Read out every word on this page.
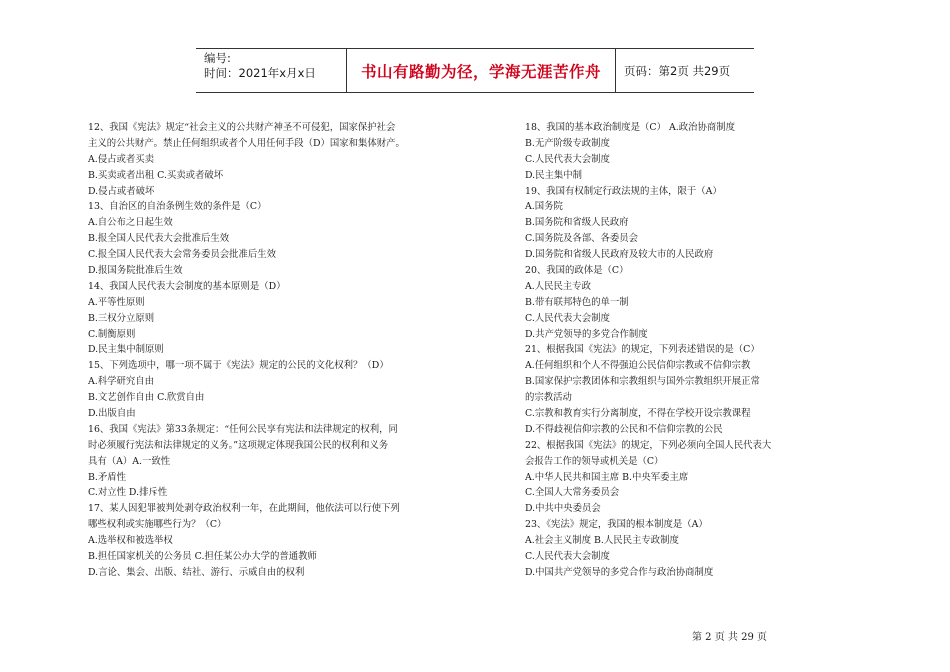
编号:
时间：2021年x月x日	书山有路勤为径，学海无涯苦作舟	页码：第2页 共29页
12、我国《宪法》规定“社会主义的公共财产神圣不可侵犯，国家保护社会
主义的公共财产。禁止任何组织或者个人用任何手段（D）国家和集体财产。
A.侵占或者买卖
B.买卖或者出租 C.买卖或者破坏
D.侵占或者破坏
13、自治区的自治条例生效的条件是（C）
A.自公布之日起生效
B.报全国人民代表大会批准后生效
C.报全国人民代表大会常务委员会批准后生效
D.报国务院批准后生效
14、我国人民代表大会制度的基本原则是（D）
A.平等性原则
B.三权分立原则
C.制衡原则
D.民主集中制原则
15、下列选项中，哪一项不属于《宪法》规定的公民的文化权利？（D）
A.科学研究自由
B.文艺创作自由 C.欣赏自由
D.出版自由
16、我国《宪法》第33条规定：“任何公民享有宪法和法律规定的权利，同
时必须履行宪法和法律规定的义务。”这项规定体现我国公民的权利和义务
具有（A）A.一致性
B.矛盾性
C.对立性 D.排斥性
17、某人因犯罪被判处剥夺政治权利一年，在此期间，他依法可以行使下列
哪些权利或实施哪些行为？（C）
A.选举权和被选举权
B.担任国家机关的公务员 C.担任某公办大学的普通教师
D.言论、集会、出版、结社、游行、示威自由的权利
18、我国的基本政治制度是（C） A.政治协商制度
B.无产阶级专政制度
C.人民代表大会制度
D.民主集中制
19、我国有权制定行政法规的主体，限于（A）
A.国务院
B.国务院和省级人民政府
C.国务院及各部、各委员会
D.国务院和省级人民政府及较大市的人民政府
20、我国的政体是（C）
A.人民民主专政
B.带有联邦特色的单一制
C.人民代表大会制度
D.共产党领导的多党合作制度
21、根据我国《宪法》的规定，下列表述错误的是（C）
A.任何组织和个人不得强迫公民信仰宗教或不信仰宗教
B.国家保护宗教团体和宗教组织与国外宗教组织开展正常
的宗教活动
C.宗教和教育实行分离制度，不得在学校开设宗教课程
D.不得歧视信仰宗教的公民和不信仰宗教的公民
22、根据我国《宪法》的规定，下列必须向全国人民代表大
会报告工作的领导或机关是（C）
A.中华人民共和国主席 B.中央军委主席
C.全国人大常务委员会
D.中共中央委员会
23、《宪法》规定，我国的根本制度是（A）
A.社会主义制度 B.人民民主专政制度
C.人民代表大会制度
D.中国共产党领导的多党合作与政治协商制度
第 2 页 共 29 页
